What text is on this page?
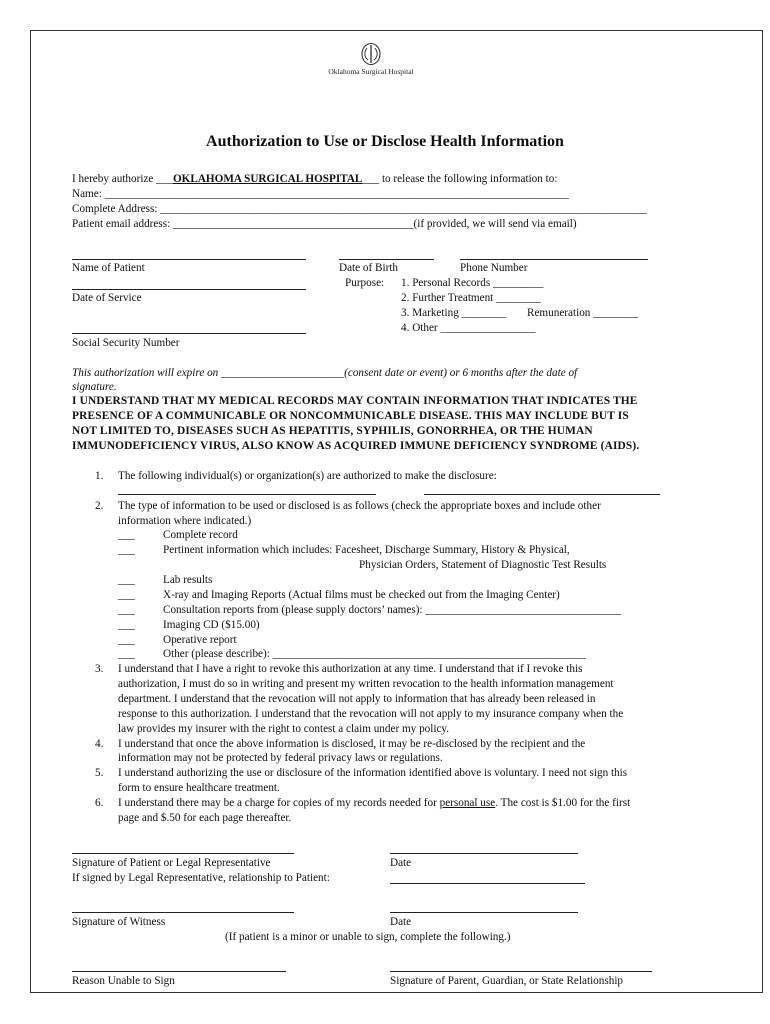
Oklahoma Surgical Hospital
Authorization to Use or Disclose Health Information
I hereby authorize ___OKLAHOMA SURGICAL HOSPITAL___ to release the following information to:
Name: ___________________________________________________________________________________
Complete Address: _______________________________________________________________________________________
Patient email address: ___________________________________________(if provided, we will send via email)
Name of Patient	Date of Birth	Phone Number
Date of Service
Purpose: 1. Personal Records _________
2. Further Treatment ________
3. Marketing ________ Remuneration ________
4. Other _________________
Social Security Number
This authorization will expire on ______________________(consent date or event) or 6 months after the date of
signature.
I UNDERSTAND THAT MY MEDICAL RECORDS MAY CONTAIN INFORMATION THAT INDICATES THE
PRESENCE OF A COMMUNICABLE OR NONCOMMUNICABLE DISEASE. THIS MAY INCLUDE BUT IS
NOT LIMITED TO, DISEASES SUCH AS HEPATITIS, SYPHILIS, GONORRHEA, OR THE HUMAN
IMMUNODEFICIENCY VIRUS, ALSO KNOW AS ACQUIRED IMMUNE DEFICIENCY SYNDROME (AIDS).
1. The following individual(s) or organization(s) are authorized to make the disclosure:
2. The type of information to be used or disclosed is as follows (check the appropriate boxes and include other
information where indicated.)
___	Complete record
___	Pertinent information which includes: Facesheet, Discharge Summary, History & Physical,
Physician Orders, Statement of Diagnostic Test Results
___	Lab results
___	X-ray and Imaging Reports (Actual films must be checked out from the Imaging Center)
___	Consultation reports from (please supply doctors’ names): ___________________________________
___	Imaging CD ($15.00)
___	Operative report
___	Other (please describe): ________________________________________________________
3. I understand that I have a right to revoke this authorization at any time. I understand that if I revoke this
authorization, I must do so in writing and present my written revocation to the health information management
department. I understand that the revocation will not apply to information that has already been released in
response to this authorization. I understand that the revocation will not apply to my insurance company when the
law provides my insurer with the right to contest a claim under my policy.
4. I understand that once the above information is disclosed, it may be re-disclosed by the recipient and the
information may not be protected by federal privacy laws or regulations.
5. I understand authorizing the use or disclosure of the information identified above is voluntary. I need not sign this
form to ensure healthcare treatment.
6. I understand there may be a charge for copies of my records needed for personal use. The cost is $1.00 for the first
page and $.50 for each page thereafter.
Signature of Patient or Legal Representative	Date
If signed by Legal Representative, relationship to Patient:
Signature of Witness	Date
(If patient is a minor or unable to sign, complete the following.)
Reason Unable to Sign	Signature of Parent, Guardian, or State Relationship
